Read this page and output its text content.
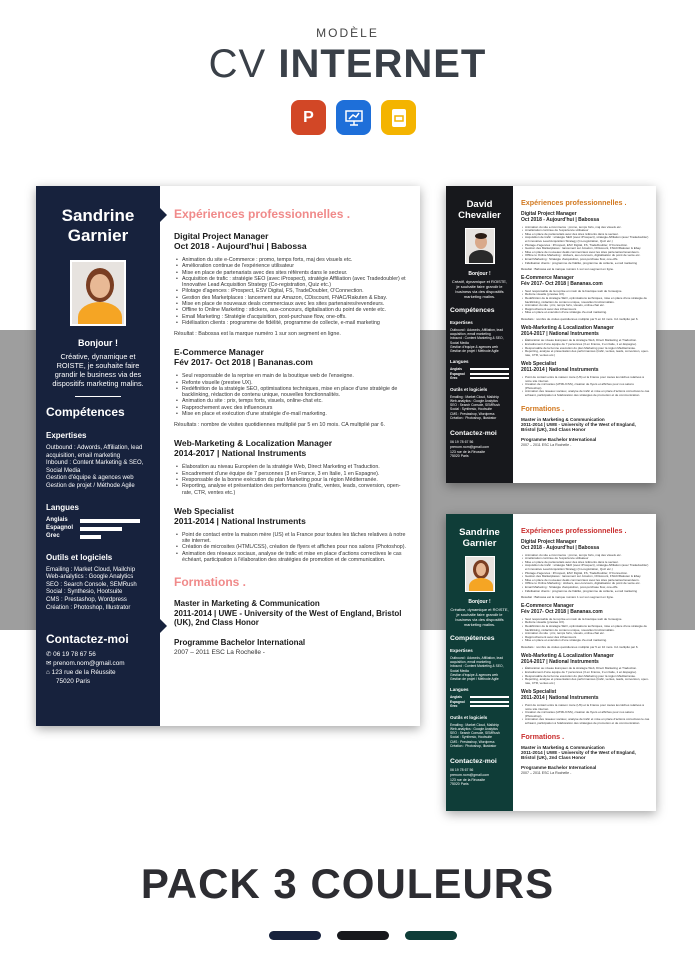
MODÈLE
CV INTERNET
P
Sandrine
Garnier
Bonjour !
Créative, dynamique et ROISTE, je souhaite faire grandir le business via des dispositifs marketing malins.
Compétences
Expertises
Outbound : Adwords, Affiliation, lead acquisition, email marketing
Inbound : Content Marketing & SEO, Social Media
Gestion d'équipe & agences web
Gestion de projet / Méthode Agile
Langues
Anglais
Espagnol
Grec
Outils et logiciels
Emailing : Market Cloud, Mailchip
Web-analytics : Google Analytics
SEO : Search Console, SEMRush
Social : Synthesio, Hootsuite
CMS : Prestashop, Wordpress
Création : Photoshop, Illustrator
Contactez-moi
✆ 06 19 78 67 56
✉ prenom.nom@gmail.com
⌂ 123 rue de la Réussite
75020 Paris
Expériences professionnelles .
Digital Project Manager
Oct 2018 - Aujourd'hui | Babossa
• Animation du site e-Commerce : promo, temps forts, maj des visuels etc.
• Amélioration continue de l'expérience utilisateur
• Mise en place de partenariats avec des sites référents dans le secteur.
• Acquisition de trafic : stratégie SEO (avec iProspect), stratégie Affiliation (avec Tradedoubler) et Innovative Lead Acquisition Strategy (Co-registration, Quiz etc.)
• Pilotage d'agences : iProspect, ESV Digital, FS, TradeDoubler, O'Connection.
• Gestion des Marketplaces : lancement sur Amazon, CDiscount, FNAC/Rakuten & Ebay.
• Mise en place de nouveaux deals commerciaux avec les sites partenaires/revendeurs.
• Offline to Online Marketing : stickers, aux-concours, digitalisation du point de vente etc.
• Email Marketing : Stratégie d'acquisition, post-purchase flow, one-offs.
• Fidélisation clients : programme de fidélité, programme de collecte, e-mail marketing
Résultat : Babossa est la marque numéro 1 sur son segment en ligne.
E-Commerce Manager
Fév 2017- Oct 2018 | Bananas.com
• Seul responsable de la reprise en main de la boutique web de l'enseigne.
• Refonte visuelle (prestee UX).
• Redéfinition de la stratégie SEO, optimisations techniques, mise en place d'une stratégie de backlinking, rédaction de contenu unique, nouvelles fonctionnalités.
• Animation du site : prix, temps forts, visuels, online-chat etc.
• Rapprochement avec des influenceurs
• Mise en place et exécution d'une stratégie d'e-mail marketing.
Résultats : nombre de visites quotidiennes multiplié par 5 en 10 mois. CA multiplié par 6.
Web-Marketing & Localization Manager
2014-2017 | National Instruments
• Élaboration au niveau Européen de la stratégie Web, Direct Marketing et Traduction.
• Encadrement d'une équipe de 7 personnes (3 en France, 3 en Italie, 1 en Espagne).
• Responsable de la bonne exécution du plan Marketing pour la région Méditerranée.
• Reporting, analyse et présentation des performances (trafic, ventes, leads, conversion, open-rate, CTR, ventes etc.)
Web Specialist
2011-2014 | National Instruments
• Point de contact entre la maison mère (US) et la France pour toutes les tâches relatives à notre site internet.
• Création de microsites (HTML/CSS), création de flyers et affiches pour nos salons (Photoshop).
• Animation des réseaux sociaux, analyse de trafic et mise en place d'actions correctives le cas échéant, participation à l'élaboration des stratégies de promotion et de communication.
Formations .
Master in Marketing & Communication
2011-2014 | UWE - University of the West of England, Bristol (UK), 2nd Class Honor
Programme Bachelor International
2007 – 2011 ESC La Rochelle -
David
Chevalier
Bonjour !
Créatif, dynamique et ROISTE, je souhaite faire grandir le business via des dispositifs marketing malins.
Compétences
Expertises
Outbound : Adwords, Affiliation, lead acquisition, email marketing
Inbound : Content Marketing & SEO, Social Media
Gestion d'équipe & agences web
Gestion de projet / Méthode Agile
Langues
Anglais
Espagnol
Grec
Outils et logiciels
Emailing : Market Cloud, Mailchip
Web-analytics : Google Analytics
SEO : Search Console, SEMRush
Social : Synthesio, Hootsuite
CMS : Prestashop, Wordpress
Création : Photoshop, Illustrator
Contactez-moi
06 19 78 67 56
prenom.nom@gmail.com
123 rue de la Réussite
75020 Paris
Expériences professionnelles .
Digital Project Manager
Oct 2018 - Aujourd'hui | Babossa
• Animation du site e-Commerce : promo, temps forts, maj des visuels etc.
• Amélioration continue de l'expérience utilisateur
• Mise en place de partenariats avec des sites référents dans le secteur.
• Acquisition de trafic : stratégie SEO (avec iProspect), stratégie Affiliation (avec Tradedoubler) et Innovative Lead Acquisition Strategy (Co-registration, Quiz etc.)
• Pilotage d'agences : iProspect, ESV Digital, FS, TradeDoubler, O'Connection.
• Gestion des Marketplaces : lancement sur Amazon, CDiscount, FNAC/Rakuten & Ebay.
• Mise en place de nouveaux deals commerciaux avec les sites partenaires/revendeurs.
• Offline to Online Marketing : stickers, aux-concours, digitalisation du point de vente etc.
• Email Marketing : Stratégie d'acquisition, post-purchase flow, one-offs.
• Fidélisation clients : programme de fidélité, programme de collecte, e-mail marketing
Résultat : Babossa est la marque numéro 1 sur son segment en ligne.
E-Commerce Manager
Fév 2017- Oct 2018 | Bananas.com
• Seul responsable de la reprise en main de la boutique web de l'enseigne.
• Refonte visuelle (prestee UX).
• Redéfinition de la stratégie SEO, optimisations techniques, mise en place d'une stratégie de backlinking, rédaction de contenu unique, nouvelles fonctionnalités.
• Animation du site : prix, temps forts, visuels, online-chat etc.
• Rapprochement avec des influenceurs
• Mise en place et exécution d'une stratégie d'e-mail marketing.
Résultats : nombre de visites quotidiennes multiplié par 5 en 10 mois. CA multiplié par 6.
Web-Marketing & Localization Manager
2014-2017 | National Instruments
• Élaboration au niveau Européen de la stratégie Web, Direct Marketing et Traduction.
• Encadrement d'une équipe de 7 personnes (3 en France, 3 en Italie, 1 en Espagne).
• Responsable de la bonne exécution du plan Marketing pour la région Méditerranée.
• Reporting, analyse et présentation des performances (trafic, ventes, leads, conversion, open-rate, CTR, ventes etc.)
Web Specialist
2011-2014 | National Instruments
• Point de contact entre la maison mère (US) et la France pour toutes les tâches relatives à notre site internet.
• Création de microsites (HTML/CSS), création de flyers et affiches pour nos salons (Photoshop).
• Animation des réseaux sociaux, analyse de trafic et mise en place d'actions correctives le cas échéant, participation à l'élaboration des stratégies de promotion et de communication.
Formations .
Master in Marketing & Communication
2011-2014 | UWE - University of the West of England, Bristol (UK), 2nd Class Honor
Programme Bachelor International
2007 – 2011 ESC La Rochelle -
Sandrine
Garnier
Bonjour !
Créative, dynamique et ROISTE, je souhaite faire grandir le business via des dispositifs marketing malins.
Compétences
Expertises
Outbound : Adwords, Affiliation, lead acquisition, email marketing
Inbound : Content Marketing & SEO, Social Media
Gestion d'équipe & agences web
Gestion de projet / Méthode Agile
Langues
Anglais
Espagnol
Grec
Outils et logiciels
Emailing : Market Cloud, Mailchip
Web-analytics : Google Analytics
SEO : Search Console, SEMRush
Social : Synthesio, Hootsuite
CMS : Prestashop, Wordpress
Création : Photoshop, Illustrator
Contactez-moi
06 19 78 67 56
prenom.nom@gmail.com
123 rue de la Réussite
75020 Paris
Expériences professionnelles .
Digital Project Manager
Oct 2018 - Aujourd'hui | Babossa
• Animation du site e-Commerce : promo, temps forts, maj des visuels etc.
• Amélioration continue de l'expérience utilisateur
• Mise en place de partenariats avec des sites référents dans le secteur.
• Acquisition de trafic : stratégie SEO (avec iProspect), stratégie Affiliation (avec Tradedoubler) et Innovative Lead Acquisition Strategy (Co-registration, Quiz etc.)
• Pilotage d'agences : iProspect, ESV Digital, FS, TradeDoubler, O'Connection.
• Gestion des Marketplaces : lancement sur Amazon, CDiscount, FNAC/Rakuten & Ebay.
• Mise en place de nouveaux deals commerciaux avec les sites partenaires/revendeurs.
• Offline to Online Marketing : stickers, aux-concours, digitalisation du point de vente etc.
• Email Marketing : Stratégie d'acquisition, post-purchase flow, one-offs.
• Fidélisation clients : programme de fidélité, programme de collecte, e-mail marketing
Résultat : Babossa est la marque numéro 1 sur son segment en ligne.
E-Commerce Manager
Fév 2017- Oct 2018 | Bananas.com
• Seul responsable de la reprise en main de la boutique web de l'enseigne.
• Refonte visuelle (prestee UX).
• Redéfinition de la stratégie SEO, optimisations techniques, mise en place d'une stratégie de backlinking, rédaction de contenu unique, nouvelles fonctionnalités.
• Animation du site : prix, temps forts, visuels, online-chat etc.
• Rapprochement avec des influenceurs
• Mise en place et exécution d'une stratégie d'e-mail marketing.
Résultats : nombre de visites quotidiennes multiplié par 5 en 10 mois. CA multiplié par 6.
Web-Marketing & Localization Manager
2014-2017 | National Instruments
• Élaboration au niveau Européen de la stratégie Web, Direct Marketing et Traduction.
• Encadrement d'une équipe de 7 personnes (3 en France, 3 en Italie, 1 en Espagne).
• Responsable de la bonne exécution du plan Marketing pour la région Méditerranée.
• Reporting, analyse et présentation des performances (trafic, ventes, leads, conversion, open-rate, CTR, ventes etc.)
Web Specialist
2011-2014 | National Instruments
• Point de contact entre la maison mère (US) et la France pour toutes les tâches relatives à notre site internet.
• Création de microsites (HTML/CSS), création de flyers et affiches pour nos salons (Photoshop).
• Animation des réseaux sociaux, analyse de trafic et mise en place d'actions correctives le cas échéant, participation à l'élaboration des stratégies de promotion et de communication.
Formations .
Master in Marketing & Communication
2011-2014 | UWE - University of the West of England, Bristol (UK), 2nd Class Honor
Programme Bachelor International
2007 – 2011 ESC La Rochelle -
PACK 3 COULEURS
